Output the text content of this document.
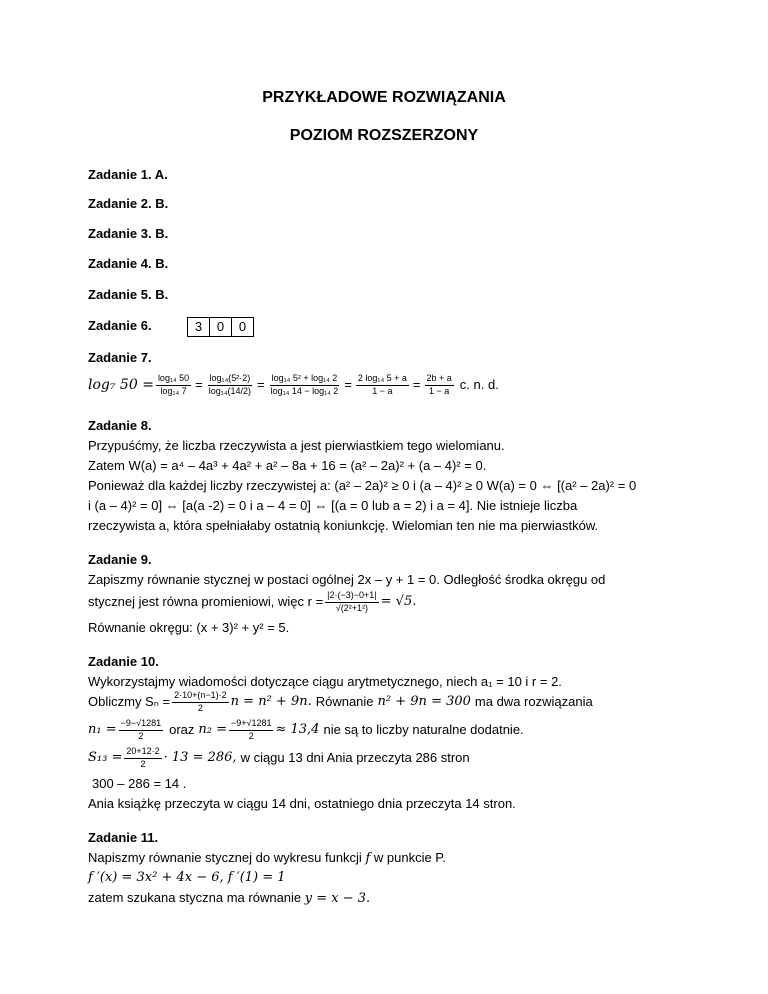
PRZYKŁADOWE ROZWIĄZANIA
POZIOM ROZSZERZONY
Zadanie 1. A.
Zadanie 2. B.
Zadanie 3. B.
Zadanie 4. B.
Zadanie 5. B.
Zadanie 6.	3	0	0
Zadanie 7.
log₇ $50 = \frac{\text{log₁₄ 50}}{\text{log₁₄ 7}} = \frac{\text{log₁₄(5²·2)}}{\text{log₁₄(14/2)}} = \frac{\text{log₁₄ 5² + log₁₄ 2}}{\text{log₁₄ 14 − log₁₄ 2}} = \frac{\text{2 log₁₄ 5 + a}}{1 - a} = \frac{2b + a}{1 - a} c$. n. d.
Zadanie 8.
Przypuśćmy, że liczba rzeczywista a jest pierwiastkiem tego wielomianu.
Zatem W(a) = a⁴ – 4a³ + 4a² + a² – 8a + 16 = (a² – 2a)² + (a – 4)² = 0.
Ponieważ dla każdej liczby rzeczywistej a: (a² – 2a)² ≥ 0 i (a – 4)² ≥ 0 W(a) = 0 ⇔ [(a² – 2a)² = 0
i (a – 4)² = 0] ⇔ [a(a -2) = 0 i a – 4 = 0] ⇔ [(a = 0 lub a = 2) i a = 4]. Nie istnieje liczba
rzeczywista a, która spełniałaby ostatnią koniunkcję. Wielomian ten nie ma pierwiastków.
Zadanie 9.
Zapiszmy równanie stycznej w postaci ogólnej 2x – y + 1 = 0. Odległość środka okręgu od
stycznej jest równa promieniowi, więc $r = \frac{|2\cdot(-3)-0+1|}{\text{√(2²+1²)}} = √5$.
Równanie okręgu: (x + 3)² + y² = 5.
Zadanie 10.
Wykorzystajmy wiadomości dotyczące ciągu arytmetycznego, niech a₁ = 10 i r = 2.
Obliczmy $S_n = \frac{2\cdot 10+(n-1)\cdot 2}{2}$ n = n² + 9n. Równanie n² + 9n = 300 ma dwa rozwiązania
$n_1 = \frac{-9-√1281}{2}$ oraz $n_2 = \frac{-9+√1281}{2} \approx 13,4$ nie są to liczby naturalne dodatnie.
$S_{13} = \frac{20+12\cdot 2}{2} \cdot 13 = 286$, w ciągu 13 dni Ania przeczyta 286 stron
300 – 286 = 14 .
Ania książkę przeczyta w ciągu 14 dni, ostatniego dnia przeczyta 14 stron.
Zadanie 11.
Napiszmy równanie stycznej do wykresu funkcji f w punkcie P.
f ′(x) = 3x² + 4x − 6, f ′(1) = 1
zatem szukana styczna ma równanie y = x − 3.
